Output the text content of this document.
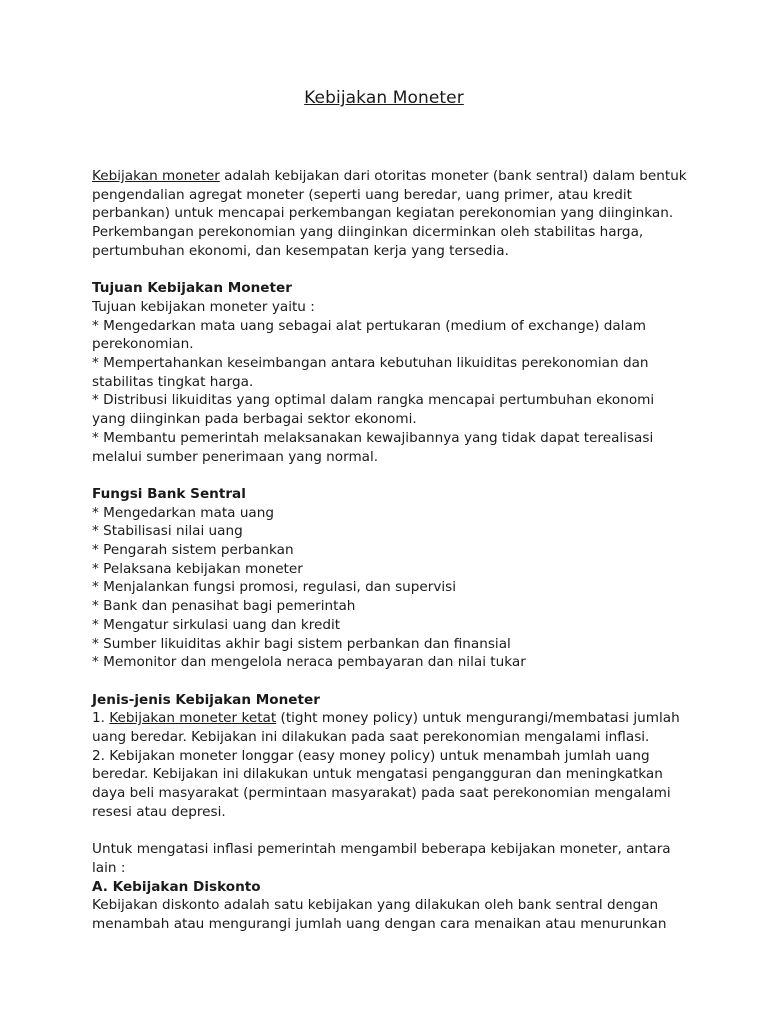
Kebijakan Moneter

Kebijakan moneter adalah kebijakan dari otoritas moneter (bank sentral) dalam bentuk pengendalian agregat moneter (seperti uang beredar, uang primer, atau kredit perbankan) untuk mencapai perkembangan kegiatan perekonomian yang diinginkan. Perkembangan perekonomian yang diinginkan dicerminkan oleh stabilitas harga, pertumbuhan ekonomi, dan kesempatan kerja yang tersedia.

Tujuan Kebijakan Moneter

Tujuan kebijakan moneter yaitu :

* Mengedarkan mata uang sebagai alat pertukaran (medium of exchange) dalam perekonomian.

* Mempertahankan keseimbangan antara kebutuhan likuiditas perekonomian dan stabilitas tingkat harga.

* Distribusi likuiditas yang optimal dalam rangka mencapai pertumbuhan ekonomi yang diinginkan pada berbagai sektor ekonomi.

* Membantu pemerintah melaksanakan kewajibannya yang tidak dapat terealisasi melalui sumber penerimaan yang normal.

Fungsi Bank Sentral

* Mengedarkan mata uang

* Stabilisasi nilai uang

* Pengarah sistem perbankan

* Pelaksana kebijakan moneter

* Menjalankan fungsi promosi, regulasi, dan supervisi

* Bank dan penasihat bagi pemerintah

* Mengatur sirkulasi uang dan kredit

* Sumber likuiditas akhir bagi sistem perbankan dan finansial

* Memonitor dan mengelola neraca pembayaran dan nilai tukar

Jenis-jenis Kebijakan Moneter

1. Kebijakan moneter ketat (tight money policy) untuk mengurangi/membatasi jumlah uang beredar. Kebijakan ini dilakukan pada saat perekonomian mengalami inflasi.

2. Kebijakan moneter longgar (easy money policy) untuk menambah jumlah uang beredar. Kebijakan ini dilakukan untuk mengatasi pengangguran dan meningkatkan daya beli masyarakat (permintaan masyarakat) pada saat perekonomian mengalami resesi atau depresi.

Untuk mengatasi inflasi pemerintah mengambil beberapa kebijakan moneter, antara lain :

A. Kebijakan Diskonto

Kebijakan diskonto adalah satu kebijakan yang dilakukan oleh bank sentral dengan menambah atau mengurangi jumlah uang dengan cara menaikan atau menurunkan
